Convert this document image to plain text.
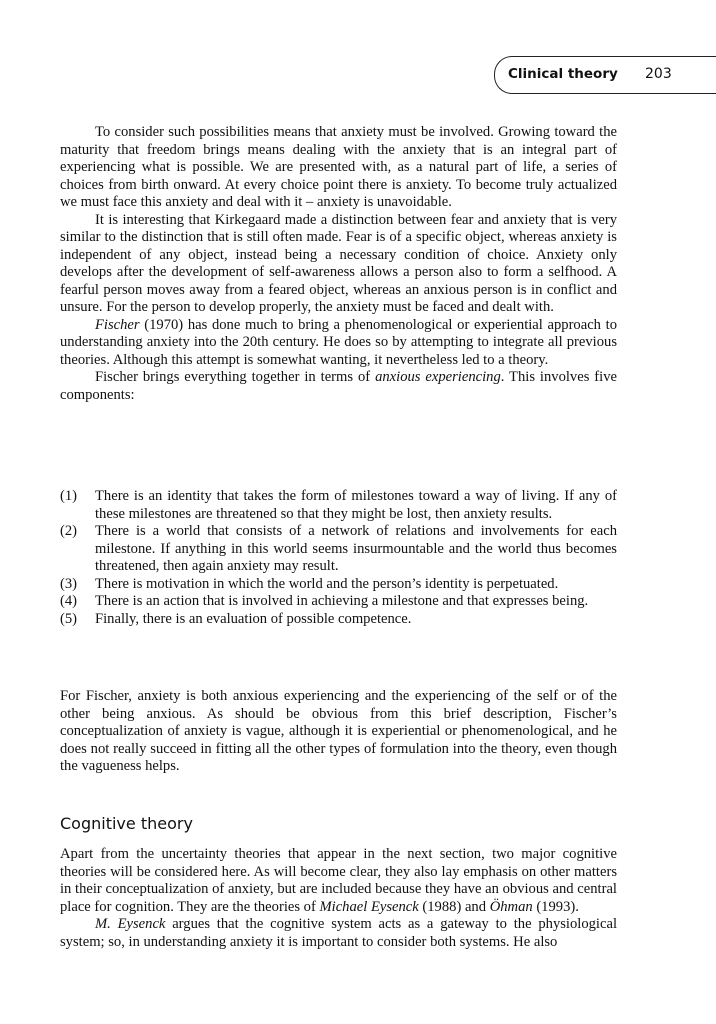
Clinical theory 203

To consider such possibilities means that anxiety must be involved. Growing toward the maturity that freedom brings means dealing with the anxiety that is an integral part of experiencing what is possible. We are presented with, as a natural part of life, a series of choices from birth onward. At every choice point there is anxiety. To become truly actualized we must face this anxiety and deal with it – anxiety is unavoidable.

It is interesting that Kirkegaard made a distinction between fear and anxiety that is very similar to the distinction that is still often made. Fear is of a specific object, whereas anxiety is independent of any object, instead being a necessary condition of choice. Anxiety only develops after the development of self-awareness allows a person also to form a selfhood. A fearful person moves away from a feared object, whereas an anxious person is in conflict and unsure. For the person to develop properly, the anxiety must be faced and dealt with.

Fischer (1970) has done much to bring a phenomenological or experiential approach to understanding anxiety into the 20th century. He does so by attempting to integrate all previous theories. Although this attempt is somewhat wanting, it nevertheless led to a theory.

Fischer brings everything together in terms of anxious experiencing. This involves five components:

(1) There is an identity that takes the form of milestones toward a way of living. If any of these milestones are threatened so that they might be lost, then anxiety results.
(2) There is a world that consists of a network of relations and involvements for each milestone. If anything in this world seems insurmountable and the world thus becomes threatened, then again anxiety may result.
(3) There is motivation in which the world and the person’s identity is perpetuated.
(4) There is an action that is involved in achieving a milestone and that expresses being.
(5) Finally, there is an evaluation of possible competence.

For Fischer, anxiety is both anxious experiencing and the experiencing of the self or of the other being anxious. As should be obvious from this brief description, Fischer’s conceptualization of anxiety is vague, although it is experiential or phenomenological, and he does not really succeed in fitting all the other types of formulation into the theory, even though the vagueness helps.

Cognitive theory

Apart from the uncertainty theories that appear in the next section, two major cognitive theories will be considered here. As will become clear, they also lay emphasis on other matters in their conceptualization of anxiety, but are included because they have an obvious and central place for cognition. They are the theories of Michael Eysenck (1988) and Öhman (1993).

M. Eysenck argues that the cognitive system acts as a gateway to the physiological system; so, in understanding anxiety it is important to consider both systems. He also
